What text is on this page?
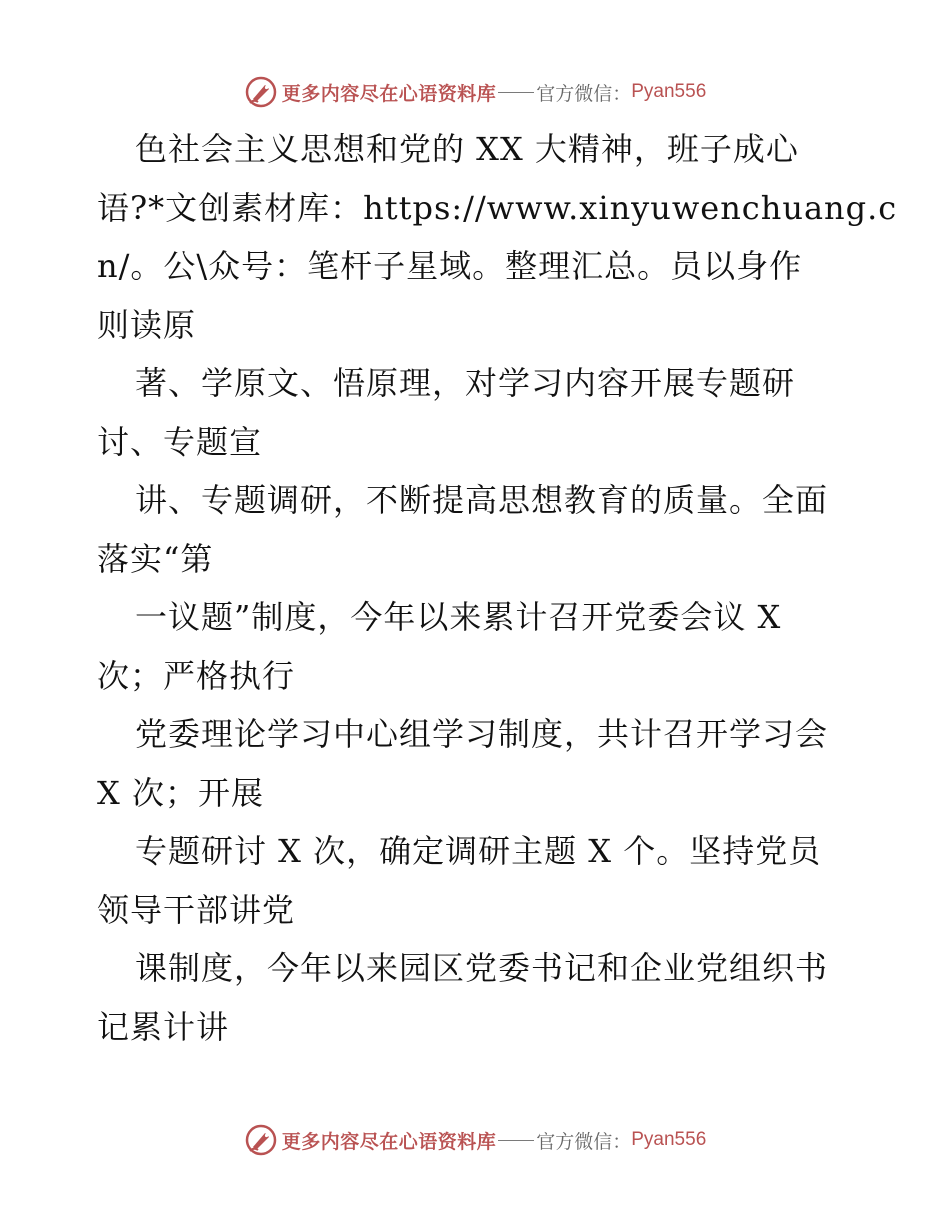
更多内容尽在心语资料库 官方微信： Pyan556
色社会主义思想和党的 XX 大精神，班子成心
语?*文创素材库：https://www.xinyuwenchuang.c
n/。公\众号：笔杆子星域。整理汇总。员以身作
则读原
著、学原文、悟原理，对学习内容开展专题研
讨、专题宣
讲、专题调研，不断提高思想教育的质量。全面
落实“第
一议题”制度，今年以来累计召开党委会议 X
次；严格执行
党委理论学习中心组学习制度，共计召开学习会
X 次；开展
专题研讨 X 次，确定调研主题 X 个。坚持党员
领导干部讲党
课制度，今年以来园区党委书记和企业党组织书
记累计讲
更多内容尽在心语资料库 官方微信： Pyan556
